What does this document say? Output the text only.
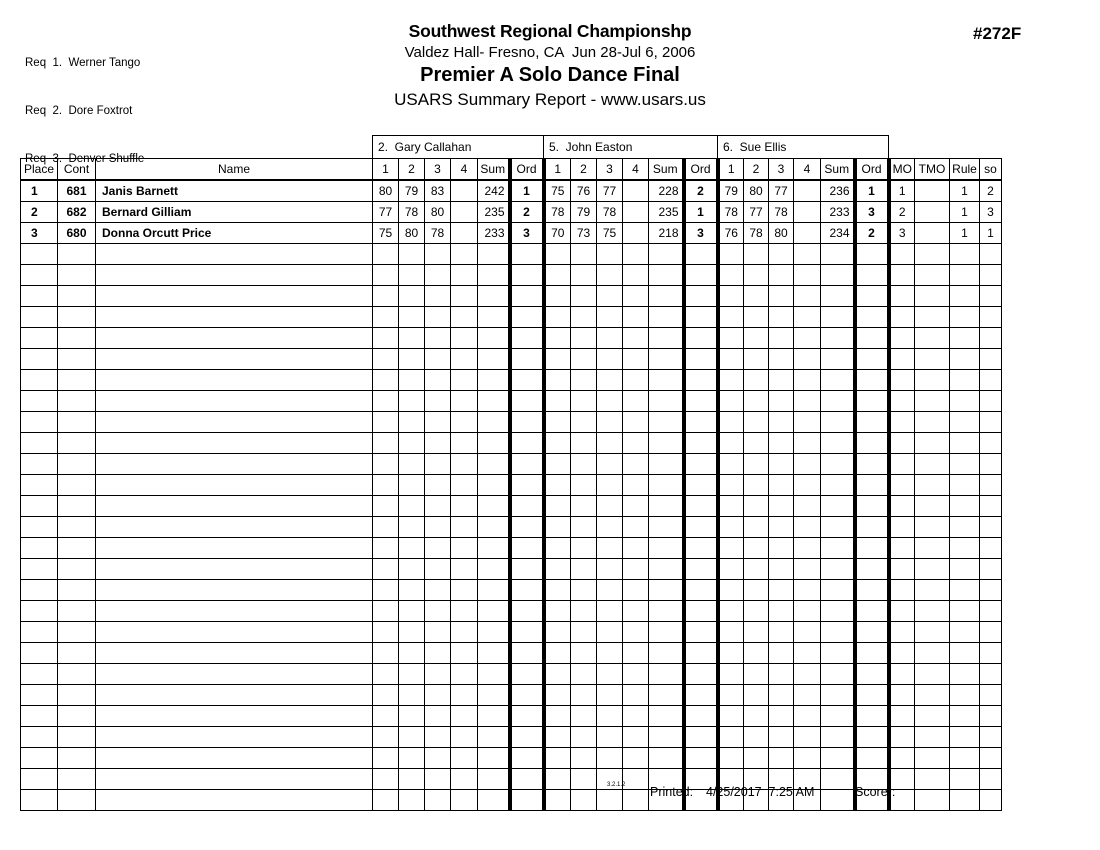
Req  1.  Werner Tango

Req  2.  Dore Foxtrot

Req  3.  Denver Shuffle

Southwest Regional Championshp
Valdez Hall- Fresno, CA  Jun 28-Jul 6, 2006
Premier A Solo Dance Final
USARS Summary Report - www.usars.us
#272F
			2.  Gary Callahan						5.  John Easton						6.  Sue Ellis									
Place	Cont	Name	1	2	3	4	Sum	Ord	1	2	3	4	Sum	Ord	1	2	3	4	Sum	Ord	MO	TMO	Rule	so
1	681	Janis Barnett	80	79	83		242	1	75	76	77		228	2	79	80	77		236	1	1		1	2
2	682	Bernard Gilliam	77	78	80		235	2	78	79	78		235	1	78	77	78		233	3	2		1	3
3	680	Donna Orcutt Price	75	80	78		233	3	70	73	75		218	3	76	78	80		234	2	3		1	1

3.2.1.2 Printed: 4/25/2017  7:25 AM	Scorer:
